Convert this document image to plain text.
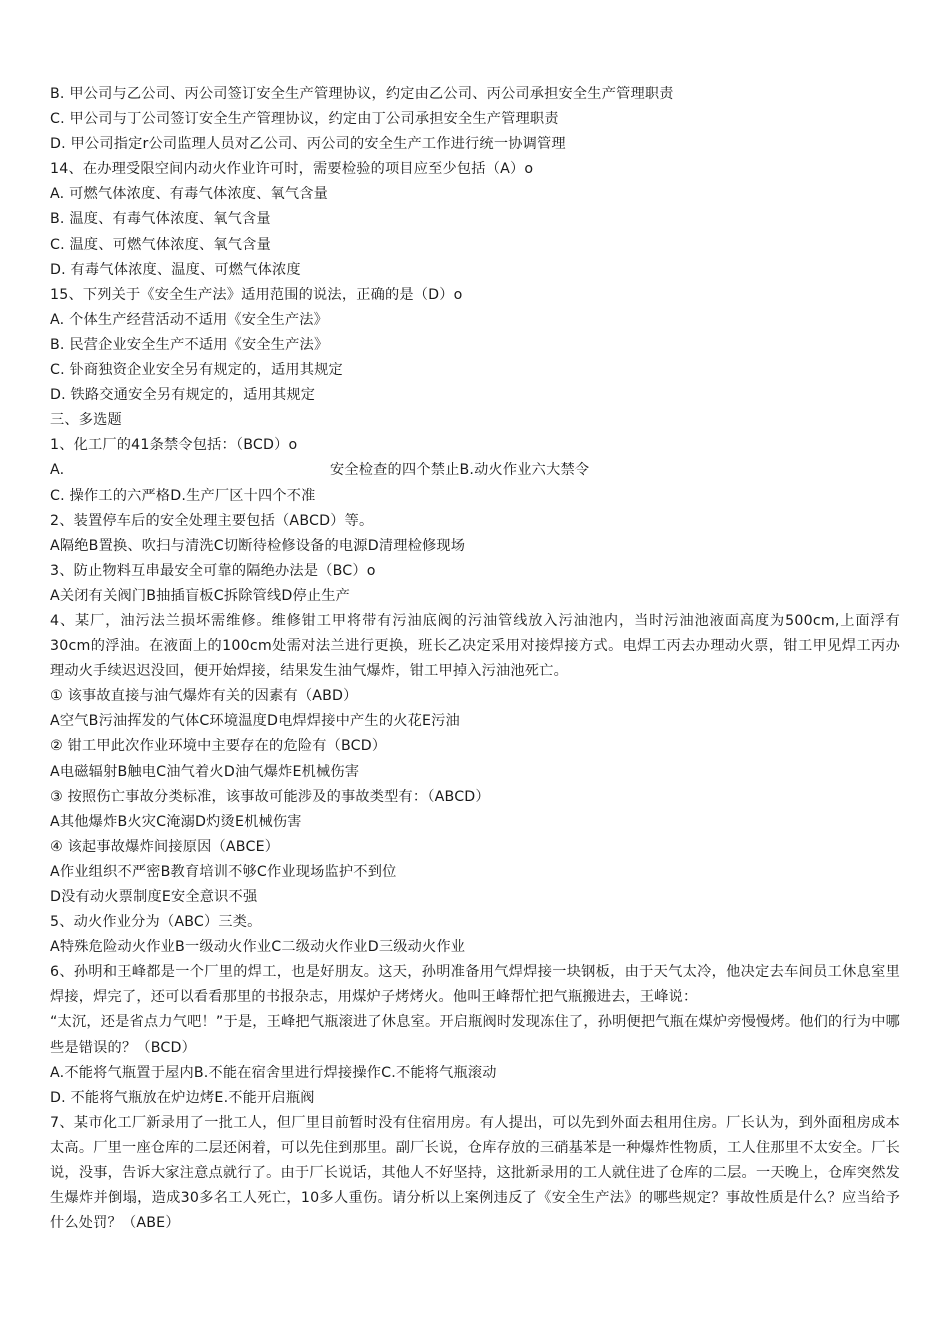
B. 甲公司与乙公司、丙公司签订安全生产管理协议，约定由乙公司、丙公司承担安全生产管理职责
C. 甲公司与丁公司签订安全生产管理协议，约定由丁公司承担安全生产管理职责
D. 甲公司指定r公司监理人员对乙公司、丙公司的安全生产工作进行统一协调管理
14、在办理受限空间内动火作业许可时，需要检验的项目应至少包括（A）o
A. 可燃气体浓度、有毒气体浓度、氧气含量
B. 温度、有毒气体浓度、氧气含量
C. 温度、可燃气体浓度、氧气含量
D. 有毒气体浓度、温度、可燃气体浓度
15、下列关于《安全生产法》适用范围的说法，正确的是（D）o
A. 个体生产经营活动不适用《安全生产法》
B. 民营企业安全生产不适用《安全生产法》
C. 钋商独资企业安全另有规定的，适用其规定
D. 铁路交通安全另有规定的，适用其规定
三、多选题
1、化工厂的41条禁令包括：（BCD）o
A.	安全检查的四个禁止B.动火作业六大禁令
C. 操作工的六严格D.生产厂区十四个不准
2、装置停车后的安全处理主要包括（ABCD）等。
A隔绝B置换、吹扫与清洗C切断待检修设备的电源D清理检修现场
3、防止物料互串最安全可靠的隔绝办法是（BC）o
A关闭有关阀门B抽插盲板C拆除管线D停止生产
4、某厂，油污法兰损坏需维修。维修钳工甲将带有污油底阀的污油管线放入污油池内，当时污油池液面高度为500cm,上面浮有30cm的浮油。在液面上的100cm处需对法兰进行更换，班长乙决定采用对接焊接方式。电焊工丙去办理动火票，钳工甲见焊工丙办理动火手续迟迟没回，便开始焊接，结果发生油气爆炸，钳工甲掉入污油池死亡。
① 该事故直接与油气爆炸有关的因素有（ABD）
A空气B污油挥发的气体C环境温度D电焊焊接中产生的火花E污油
② 钳工甲此次作业环境中主要存在的危险有（BCD）
A电磁辐射B触电C油气着火D油气爆炸E机械伤害
③ 按照伤亡事故分类标准，该事故可能涉及的事故类型有：（ABCD）
A其他爆炸B火灾C淹溺D灼烫E机械伤害
④ 该起事故爆炸间接原因（ABCE）
A作业组织不严密B教育培训不够C作业现场监护不到位
D没有动火票制度E安全意识不强
5、动火作业分为（ABC）三类。
A特殊危险动火作业B一级动火作业C二级动火作业D三级动火作业
6、孙明和王峰都是一个厂里的焊工，也是好朋友。这天，孙明准备用气焊焊接一块钢板，由于天气太冷，他决定去车间员工休息室里焊接，焊完了，还可以看看那里的书报杂志，用煤炉子烤烤火。他叫王峰帮忙把气瓶搬进去，王峰说：
“太沉，还是省点力气吧！”于是，王峰把气瓶滚进了休息室。开启瓶阀时发现冻住了，孙明便把气瓶在煤炉旁慢慢烤。他们的行为中哪些是错误的？（BCD）
A.不能将气瓶置于屋内B.不能在宿舍里进行焊接操作C.不能将气瓶滚动
D. 不能将气瓶放在炉边烤E.不能开启瓶阀
7、某市化工厂新录用了一批工人，但厂里目前暂时没有住宿用房。有人提出，可以先到外面去租用住房。厂长认为，到外面租房成本太高。厂里一座仓库的二层还闲着，可以先住到那里。副厂长说，仓库存放的三硝基苯是一种爆炸性物质，工人住那里不太安全。厂长说，没事，告诉大家注意点就行了。由于厂长说话，其他人不好坚持，这批新录用的工人就住进了仓库的二层。一天晚上，仓库突然发生爆炸并倒塌，造成30多名工人死亡，10多人重伤。请分析以上案例违反了《安全生产法》的哪些规定？事故性质是什么？应当给予什么处罚？（ABE）
